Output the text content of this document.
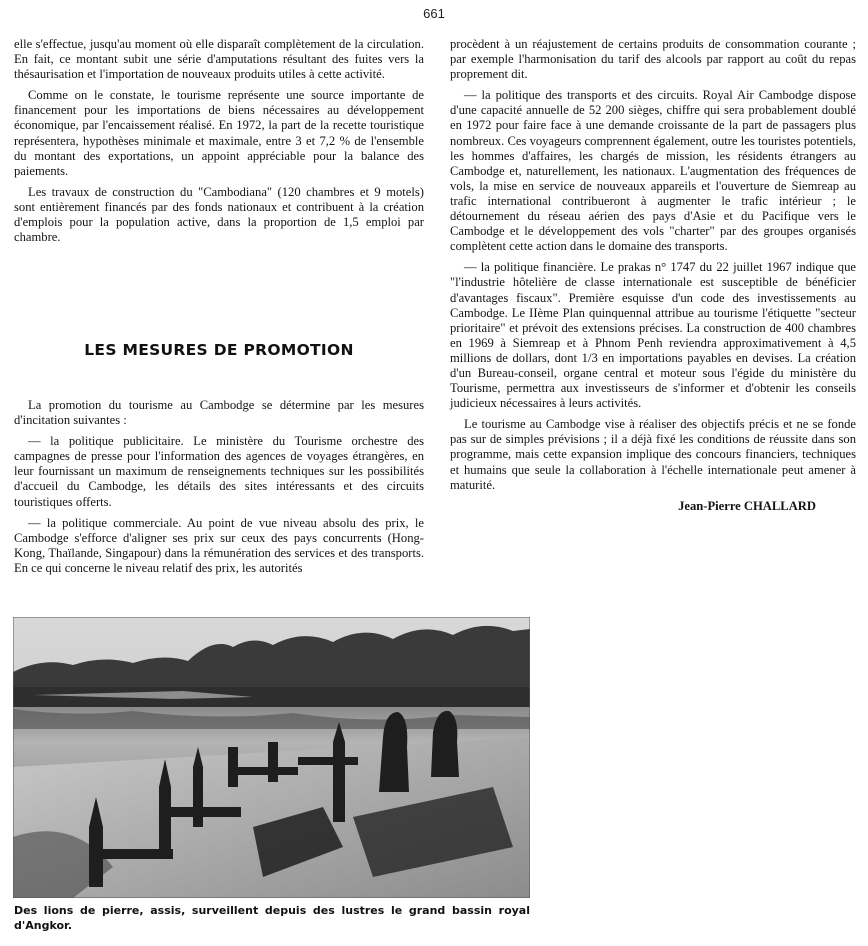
661

elle s'effectue, jusqu'au moment où elle disparaît complètement de la circulation. En fait, ce montant subit une série d'amputations résultant des fuites vers la thésaurisation et l'importation de nouveaux produits utiles à cette activité.

Comme on le constate, le tourisme représente une source importante de financement pour les importations de biens nécessaires au développement économique, par l'encaissement réalisé. En 1972, la part de la recette touristique représentera, hypothèses minimale et maximale, entre 3 et 7,2 % de l'ensemble du montant des exportations, un appoint appréciable pour la balance des paiements.

Les travaux de construction du "Cambodiana" (120 chambres et 9 motels) sont entièrement financés par des fonds nationaux et contribuent à la création d'emplois pour la population active, dans la proportion de 1,5 emploi par chambre.

LES MESURES DE PROMOTION

La promotion du tourisme au Cambodge se détermine par les mesures d'incitation suivantes :

— la politique publicitaire. Le ministère du Tourisme orchestre des campagnes de presse pour l'information des agences de voyages étrangères, en leur fournissant un maximum de renseignements techniques sur les possibilités d'accueil du Cambodge, les détails des sites intéressants et des circuits touristiques offerts.

— la politique commerciale. Au point de vue niveau absolu des prix, le Cambodge s'efforce d'aligner ses prix sur ceux des pays concurrents (Hong-Kong, Thaïlande, Singapour) dans la rémunération des services et des transports. En ce qui concerne le niveau relatif des prix, les autorités

procèdent à un réajustement de certains produits de consommation courante ; par exemple l'harmonisation du tarif des alcools par rapport au coût du repas proprement dit.

— la politique des transports et des circuits. Royal Air Cambodge dispose d'une capacité annuelle de 52 200 sièges, chiffre qui sera probablement doublé en 1972 pour faire face à une demande croissante de la part de passagers plus nombreux. Ces voyageurs comprennent également, outre les touristes potentiels, les hommes d'affaires, les chargés de mission, les résidents étrangers au Cambodge et, naturellement, les nationaux. L'augmentation des fréquences de vols, la mise en service de nouveaux appareils et l'ouverture de Siemreap au trafic international contribueront à augmenter le trafic intérieur ; le détournement du réseau aérien des pays d'Asie et du Pacifique vers le Cambodge et le développement des vols "charter" par des groupes organisés complètent cette action dans le domaine des transports.

— la politique financière. Le prakas n° 1747 du 22 juillet 1967 indique que "l'industrie hôtelière de classe internationale est susceptible de bénéficier d'avantages fiscaux". Première esquisse d'un code des investissements au Cambodge. Le IIème Plan quinquennal attribue au tourisme l'étiquette "secteur prioritaire" et prévoit des extensions précises. La construction de 400 chambres en 1969 à Siemreap et à Phnom Penh reviendra approximativement à 4,5 millions de dollars, dont 1/3 en importations payables en devises. La création d'un Bureau-conseil, organe central et moteur sous l'égide du ministère du Tourisme, permettra aux investisseurs de s'informer et d'obtenir les conseils judicieux nécessaires à leurs activités.

Le tourisme au Cambodge vise à réaliser des objectifs précis et ne se fonde pas sur de simples prévisions ; il a déjà fixé les conditions de réussite dans son programme, mais cette expansion implique des concours financiers, techniques et humains que seule la collaboration à l'échelle internationale peut amener à maturité.

Jean-Pierre CHALLARD

Des lions de pierre, assis, surveillent depuis des lustres le grand bassin royal d'Angkor.
